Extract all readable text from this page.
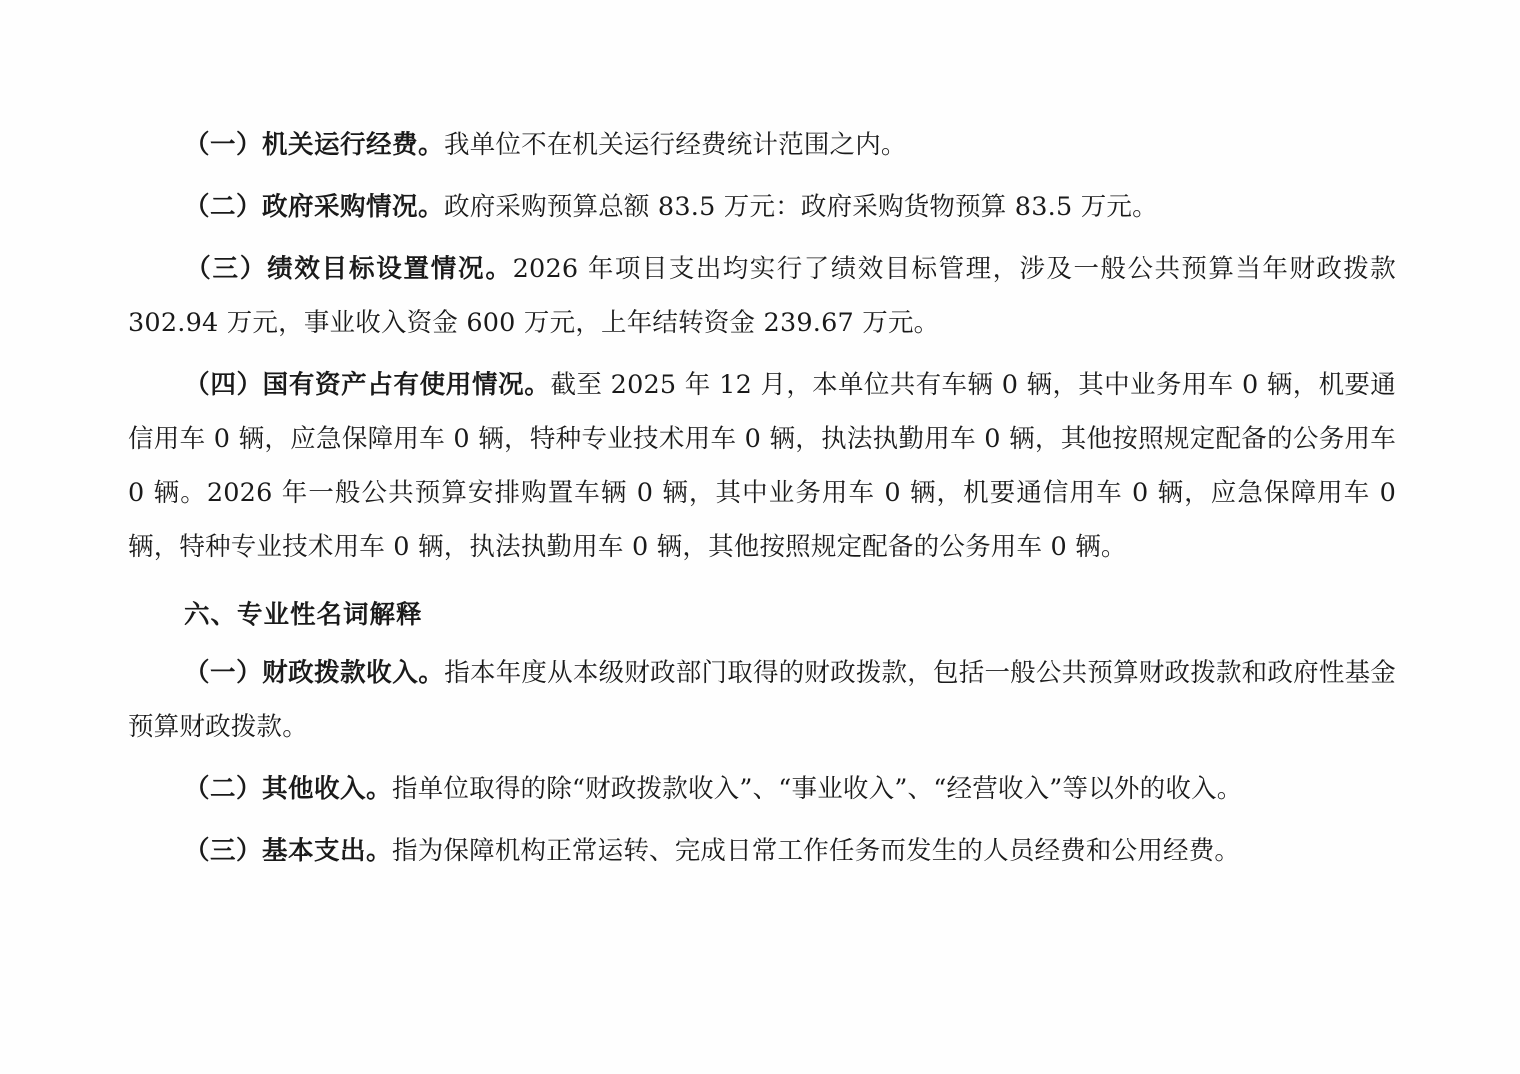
（一）机关运行经费。我单位不在机关运行经费统计范围之内。

（二）政府采购情况。政府采购预算总额 83.5 万元：政府采购货物预算 83.5 万元。

（三）绩效目标设置情况。2026 年项目支出均实行了绩效目标管理，涉及一般公共预算当年财政拨款 302.94 万元，事业收入资金 600 万元，上年结转资金 239.67 万元。

（四）国有资产占有使用情况。截至 2025 年 12 月，本单位共有车辆 0 辆，其中业务用车 0 辆，机要通信用车 0 辆，应急保障用车 0 辆，特种专业技术用车 0 辆，执法执勤用车 0 辆，其他按照规定配备的公务用车 0 辆。2026 年一般公共预算安排购置车辆 0 辆，其中业务用车 0 辆，机要通信用车 0 辆，应急保障用车 0 辆，特种专业技术用车 0 辆，执法执勤用车 0 辆，其他按照规定配备的公务用车 0 辆。

六、专业性名词解释

（一）财政拨款收入。指本年度从本级财政部门取得的财政拨款，包括一般公共预算财政拨款和政府性基金预算财政拨款。

（二）其他收入。指单位取得的除“财政拨款收入”、“事业收入”、“经营收入”等以外的收入。

（三）基本支出。指为保障机构正常运转、完成日常工作任务而发生的人员经费和公用经费。
